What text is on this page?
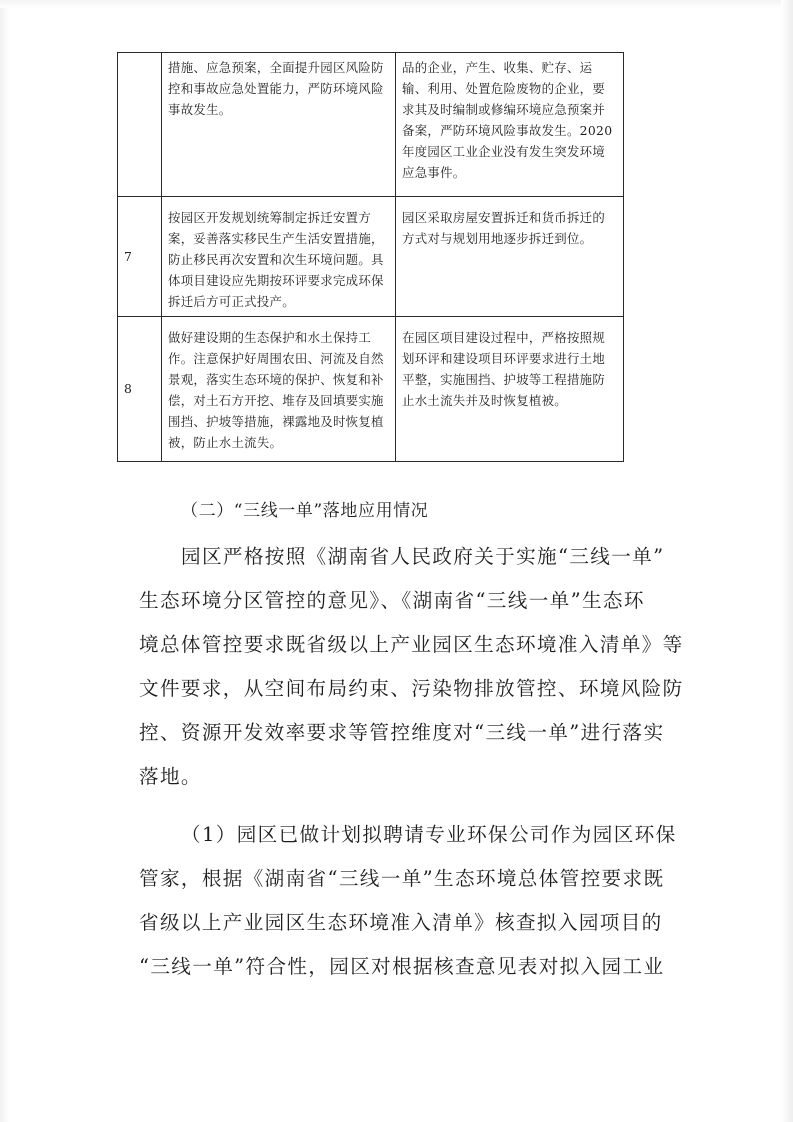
	措施、应急预案，全面提升园区风险防控和事故应急处置能力，严防环境风险事故发生。	品的企业，产生、收集、贮存、运输、利用、处置危险废物的企业，要求其及时编制或修编环境应急预案并备案，严防环境风险事故发生。2020年度园区工业企业没有发生突发环境应急事件。
7	按园区开发规划统筹制定拆迁安置方案，妥善落实移民生产生活安置措施，防止移民再次安置和次生环境问题。具体项目建设应先期按环评要求完成环保拆迁后方可正式投产。	园区采取房屋安置拆迁和货币拆迁的方式对与规划用地逐步拆迁到位。
8	做好建设期的生态保护和水土保持工作。注意保护好周围农田、河流及自然景观，落实生态环境的保护、恢复和补偿，对土石方开挖、堆存及回填要实施围挡、护坡等措施，裸露地及时恢复植被，防止水土流失。	在园区项目建设过程中，严格按照规划环评和建设项目环评要求进行土地平整，实施围挡、护坡等工程措施防止水土流失并及时恢复植被。
（二）“三线一单”落地应用情况
园区严格按照《湖南省人民政府关于实施“三线一单”
生态环境分区管控的意见》、《湖南省“三线一单”生态环
境总体管控要求既省级以上产业园区生态环境准入清单》等
文件要求，从空间布局约束、污染物排放管控、环境风险防
控、资源开发效率要求等管控维度对“三线一单”进行落实
落地。
（1）园区已做计划拟聘请专业环保公司作为园区环保
管家，根据《湖南省“三线一单”生态环境总体管控要求既
省级以上产业园区生态环境准入清单》核查拟入园项目的
“三线一单”符合性，园区对根据核查意见表对拟入园工业
